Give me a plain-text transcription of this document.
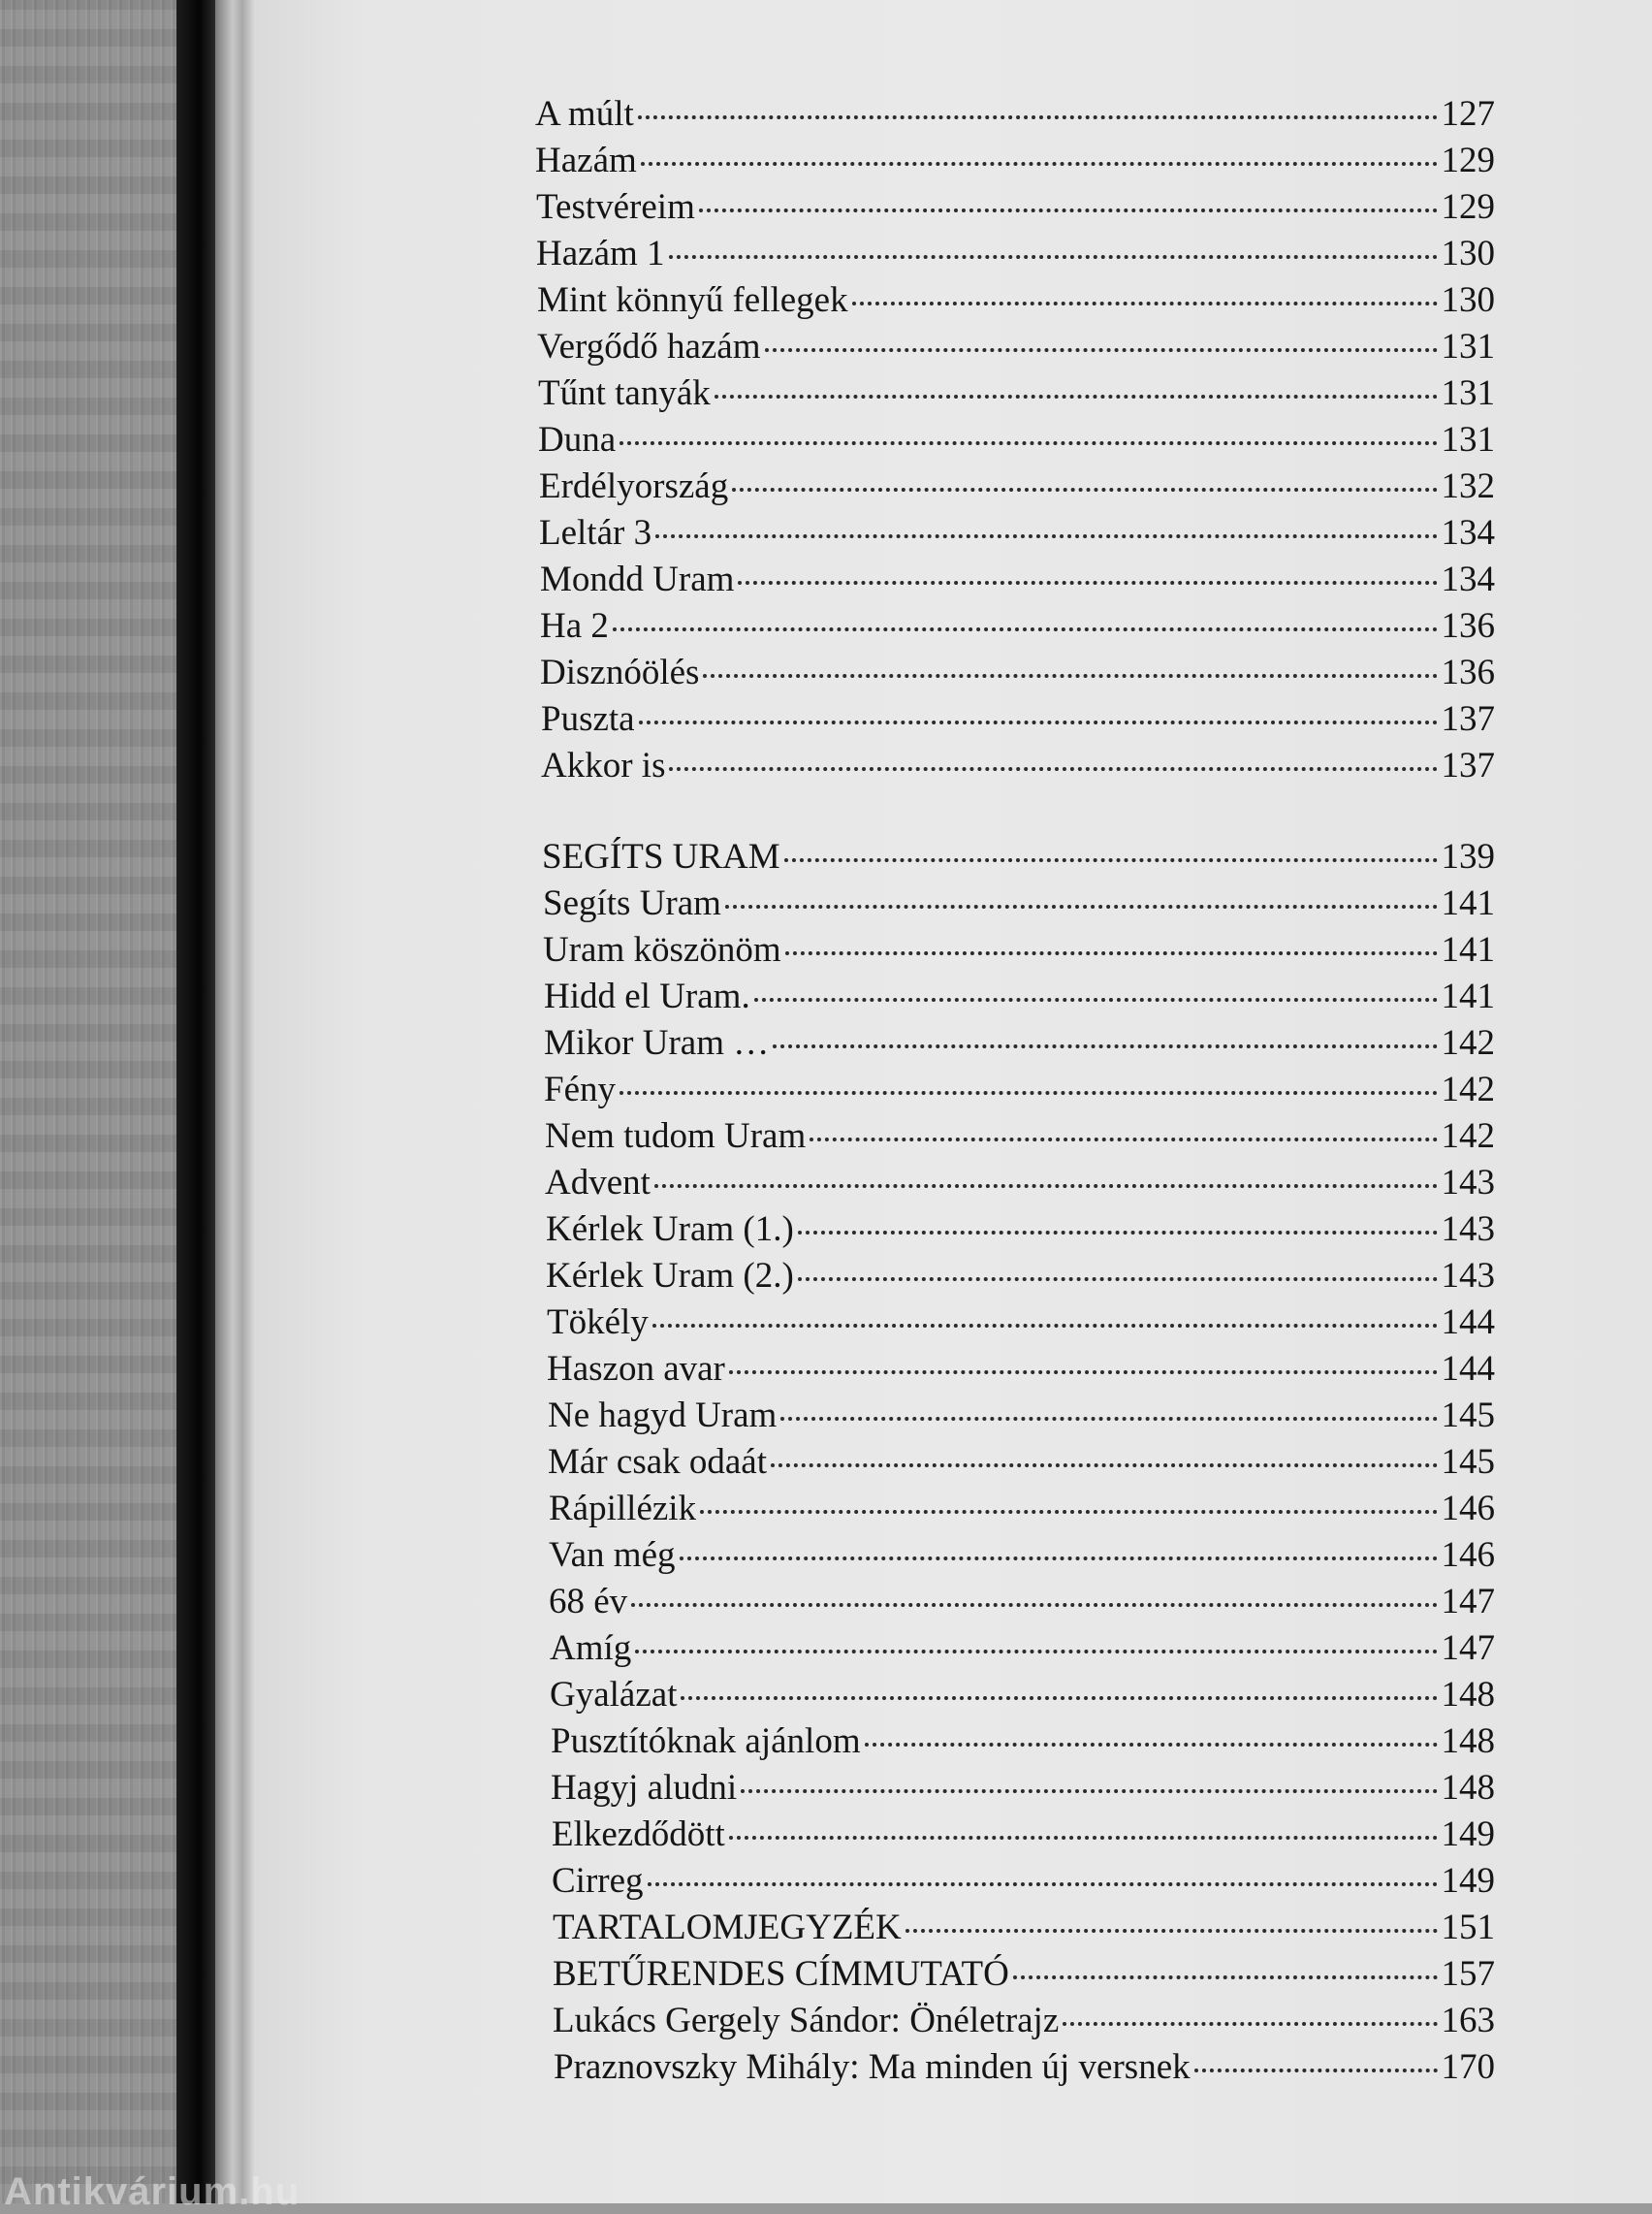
A múlt	127
Hazám	129
Testvéreim	129
Hazám 1	130
Mint könnyű fellegek	130
Vergődő hazám	131
Tűnt tanyák	131
Duna	131
Erdélyország	132
Leltár 3	134
Mondd Uram	134
Ha 2	136
Disznóölés	136
Puszta	137
Akkor is	137
SEGÍTS URAM	139
Segíts Uram	141
Uram köszönöm	141
Hidd el Uram.	141
Mikor Uram …	142
Fény	142
Nem tudom Uram	142
Advent	143
Kérlek Uram (1.)	143
Kérlek Uram (2.)	143
Tökély	144
Haszon avar	144
Ne hagyd Uram	145
Már csak odaát	145
Rápillézik	146
Van még	146
68 év	147
Amíg	147
Gyalázat	148
Pusztítóknak ajánlom	148
Hagyj aludni	148
Elkezdődött	149
Cirreg	149
TARTALOMJEGYZÉK	151
BETŰRENDES CÍMMUTATÓ	157
Lukács Gergely Sándor: Önéletrajz	163
Praznovszky Mihály: Ma minden új versnek	170
Antikvárium.hu
